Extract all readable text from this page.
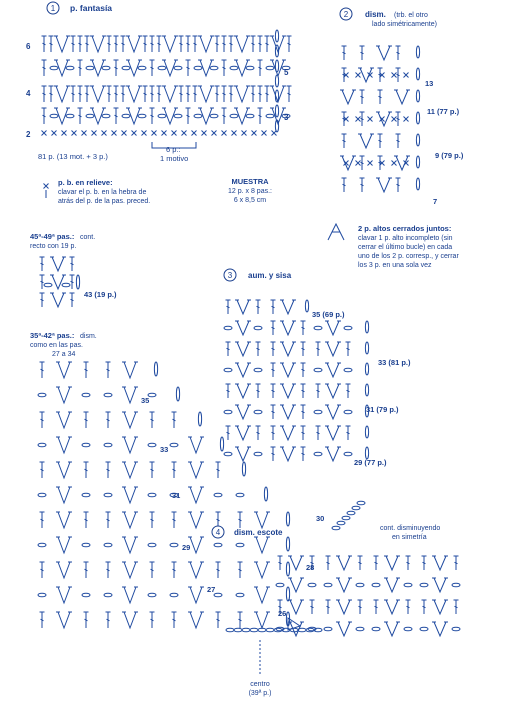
1 p. fantasía
6
4
2
5
3
81 p. (13 mot. + 3 p.)
6 p.:
1 motivo
p. b. en relieve:
clavar el p. b. en la hebra de
atrás del p. de la pas. preced.
MUESTRA
12 p. x 8 pas.:
6 x 8,5 cm
2 p. altos cerrados juntos:
clavar 1 p. alto incompleto (sin
cerrar el último bucle) en cada
uno de los 2 p. corresp., y cerrar
los 3 p. en una sola vez
2 dism. (trb. el otro
lado simétricamente)
13
11 (77 p.)
9 (79 p.)
7
45ª-49ª pas.: cont.
recto con 19 p.
43 (19 p.)
35ª-42ª pas.: dism.
como en las pas.
27 a 34
35
33
31
29
27
3 aum. y sisa
35 (69 p.)
33 (81 p.)
31 (79 p.)
29 (77 p.)
4 dism. escote
30
28
26
cont. disminuyendo
en simetría
centro
(39ª p.)
